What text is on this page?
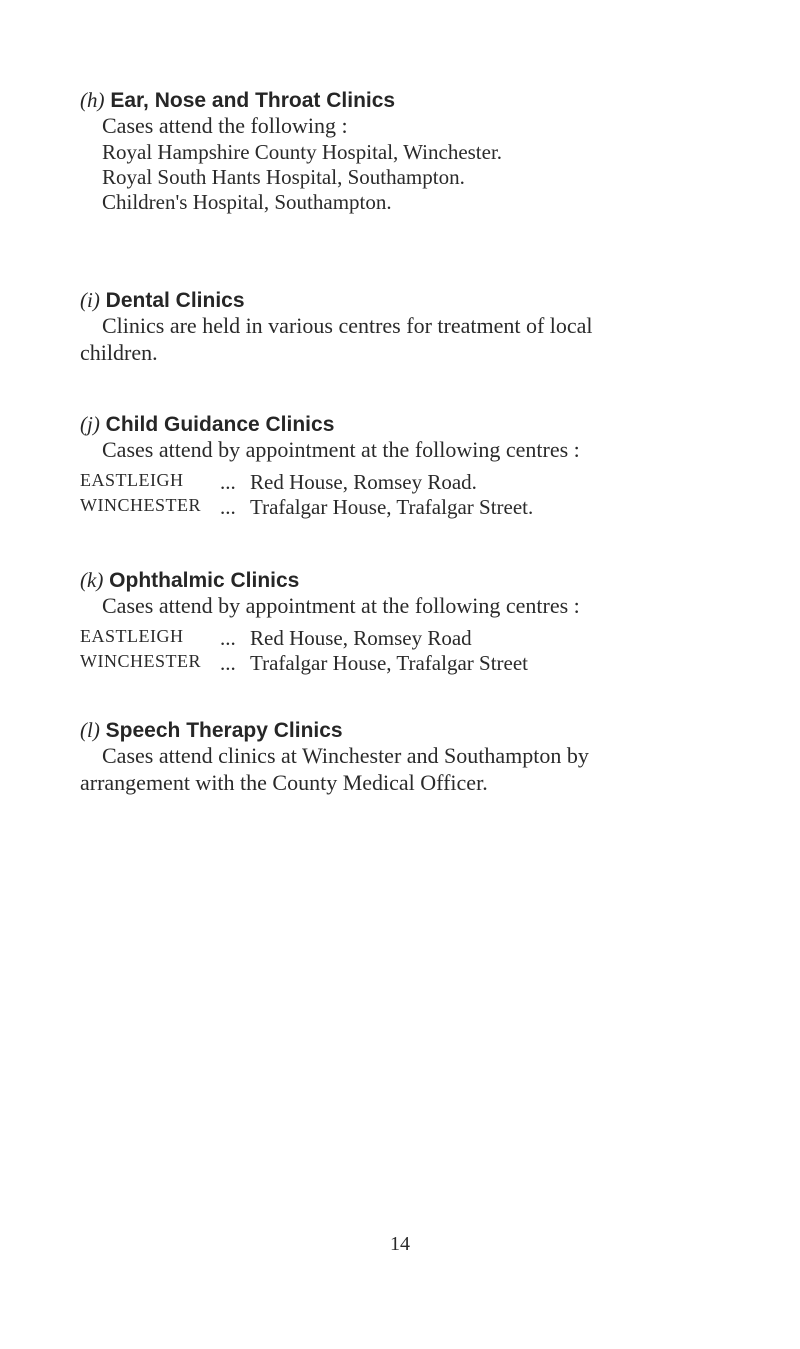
(h) Ear, Nose and Throat Clinics
Cases attend the following :
Royal Hampshire County Hospital, Winchester.
Royal South Hants Hospital, Southampton.
Children's Hospital, Southampton.
(i) Dental Clinics
Clinics are held in various centres for treatment of local
children.
(j) Child Guidance Clinics
Cases attend by appointment at the following centres :
EASTLEIGH	... Red House, Romsey Road.
WINCHESTER ... Trafalgar House, Trafalgar Street.
(k) Ophthalmic Clinics
Cases attend by appointment at the following centres :
EASTLEIGH	... Red House, Romsey Road
WINCHESTER ... Trafalgar House, Trafalgar Street
(l) Speech Therapy Clinics
Cases attend clinics at Winchester and Southampton by
arrangement with the County Medical Officer.
14
